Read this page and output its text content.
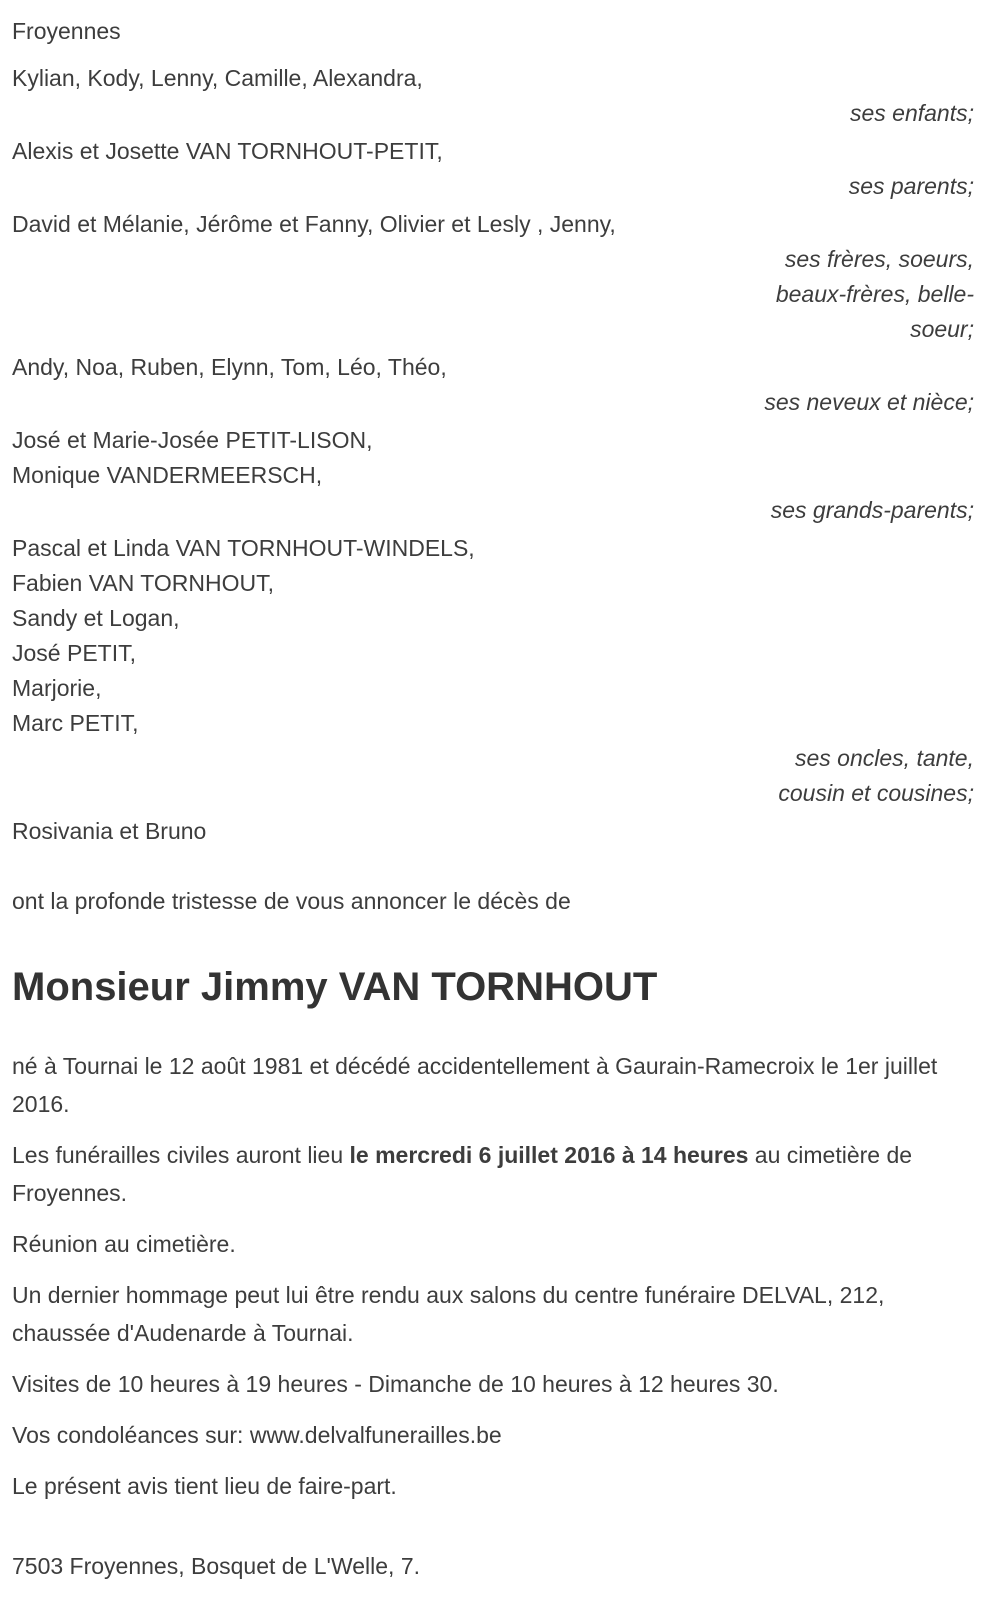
Froyennes
Kylian, Kody, Lenny, Camille, Alexandra,
ses enfants;
Alexis et Josette VAN TORNHOUT-PETIT,
ses parents;
David et Mélanie, Jérôme et Fanny, Olivier et Lesly , Jenny,
ses frères, soeurs,
beaux-frères, belle-
soeur;
Andy, Noa, Ruben, Elynn, Tom, Léo, Théo,
ses neveux et nièce;
José et Marie-Josée PETIT-LISON,
Monique VANDERMEERSCH,
ses grands-parents;
Pascal et Linda VAN TORNHOUT-WINDELS,
Fabien VAN TORNHOUT,
Sandy et Logan,
José PETIT,
Marjorie,
Marc PETIT,
ses oncles, tante,
cousin et cousines;
Rosivania et Bruno
ont la profonde tristesse de vous annoncer le décès de
Monsieur Jimmy VAN TORNHOUT

né à Tournai le 12 août 1981 et décédé accidentellement à Gaurain-Ramecroix le 1er juillet 2016.

Les funérailles civiles auront lieu le mercredi 6 juillet 2016 à 14 heures au cimetière de Froyennes.

Réunion au cimetière.

Un dernier hommage peut lui être rendu aux salons du centre funéraire DELVAL, 212, chaussée d'Audenarde à Tournai.

Visites de 10 heures à 19 heures - Dimanche de 10 heures à 12 heures 30.

Vos condoléances sur: www.delvalfunerailles.be

Le présent avis tient lieu de faire-part.

7503 Froyennes, Bosquet de L'Welle, 7.
